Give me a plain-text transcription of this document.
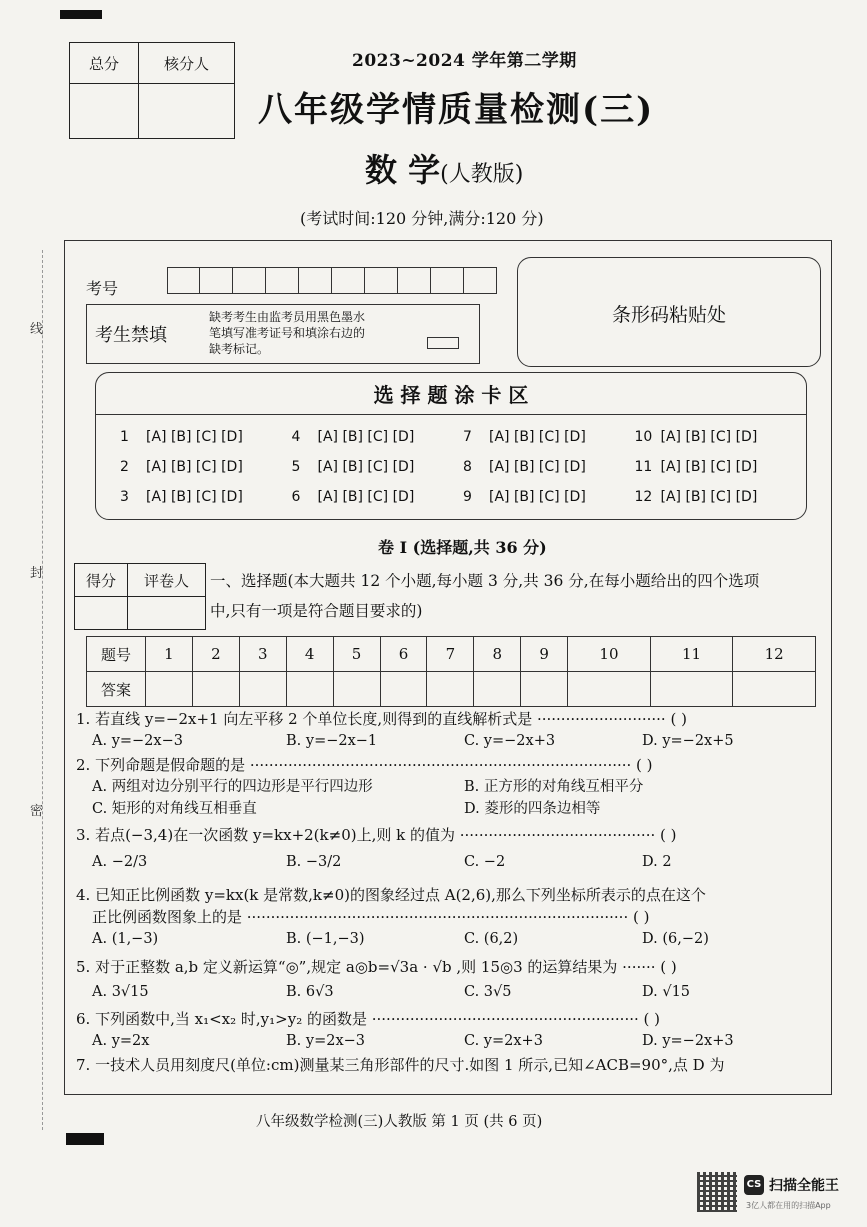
总分	核分人
		2023~2024 学年第二学期
八年级学情质量检测(三)
数 学(人教版)
(考试时间:120 分钟,满分:120 分)
线
封
密
考号
考生禁填
缺考考生由监考员用黑色墨水
笔填写准考证号和填涂右边的
缺考标记。
条形码粘贴处
选 择 题 涂 卡 区
1 [A] [B] [C] [D]	4 [A] [B] [C] [D]	7 [A] [B] [C] [D]	10 [A] [B] [C] [D]
2 [A] [B] [C] [D]	5 [A] [B] [C] [D]	8 [A] [B] [C] [D]	11 [A] [B] [C] [D]
3 [A] [B] [C] [D]	6 [A] [B] [C] [D]	9 [A] [B] [C] [D]	12 [A] [B] [C] [D]
卷 I (选择题,共 36 分)
得分	评卷人
	一、选择题(本大题共 12 个小题,每小题 3 分,共 36 分,在每小题给出的四个选项
中,只有一项是符合题目要求的)
题号	1	2	3	4	5	6	7	8	9	10	11	12
答案												
1. 若直线 y=−2x+1 向左平移 2 个单位长度,则得到的直线解析式是 ··························· ( )
A. y=−2x−3	B. y=−2x−1	C. y=−2x+3	D. y=−2x+5
2. 下列命题是假命题的是 ················································································ ( )
A. 两组对边分别平行的四边形是平行四边形	B. 正方形的对角线互相平分
C. 矩形的对角线互相垂直	D. 菱形的四条边相等
3. 若点(−3,4)在一次函数 y=kx+2(k≠0)上,则 k 的值为 ········································· ( )
A. −2/3	B. −3/2	C. −2	D. 2
4. 已知正比例函数 y=kx(k 是常数,k≠0)的图象经过点 A(2,6),那么下列坐标所表示的点在这个
正比例函数图象上的是 ················································································ ( )
A. (1,−3)	B. (−1,−3)	C. (6,2)	D. (6,−2)
5. 对于正整数 a,b 定义新运算“◎”,规定 a◎b=√3a · √b ,则 15◎3 的运算结果为 ······· ( )
A. 3√15	B. 6√3	C. 3√5	D. √15
6. 下列函数中,当 x₁<x₂ 时,y₁>y₂ 的函数是 ························································ ( )
A. y=2x	B. y=2x−3	C. y=2x+3	D. y=−2x+3
7. 一技术人员用刻度尺(单位:cm)测量某三角形部件的尺寸.如图 1 所示,已知∠ACB=90°,点 D 为
八年级数学检测(三)人教版 第 1 页 (共 6 页)
CS 扫描全能王
3亿人都在用的扫描App
